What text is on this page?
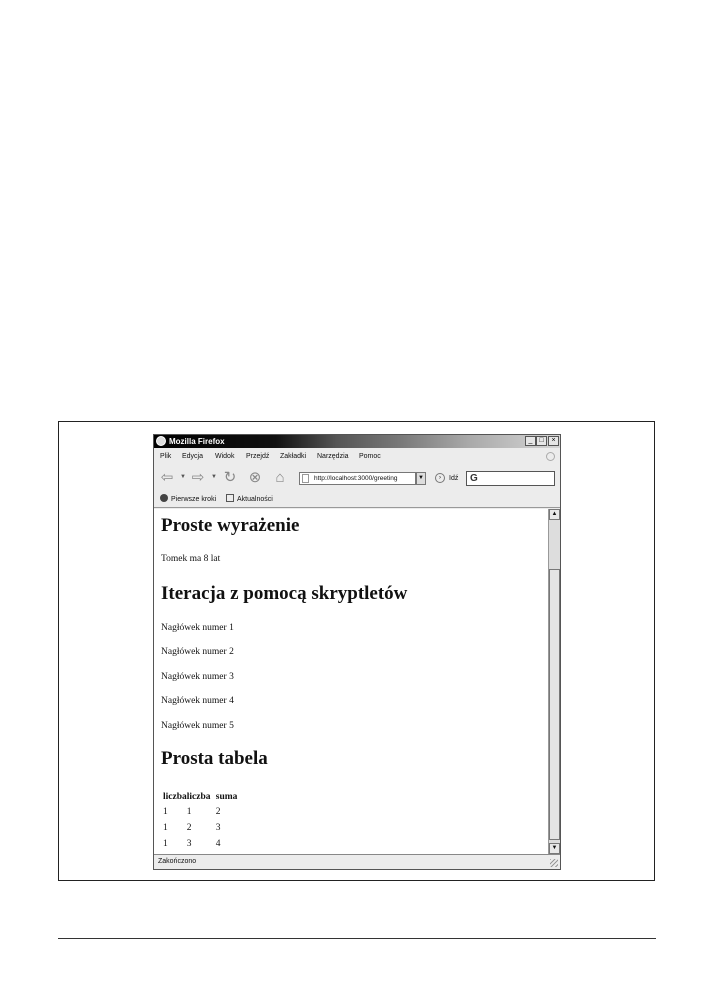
Mozilla Firefox	_ □	×
Plik Edycja Widok Przejdź Zakładki Narzędzia Pomoc
⇦ ▼ ⇨ ▼ ↻ ⊗ ⌂	http://localhost:3000/greeting	▼	›	Idź G
Pierwsze kroki	Aktualności
Proste wyrażenie
Tomek ma 8 lat
Iteracja z pomocą skryptletów
Nagłówek numer 1
Nagłówek numer 2
Nagłówek numer 3
Nagłówek numer 4
Nagłówek numer 5
Prosta tabela
liczba	liczba	suma
1	1	2
1	2	3
1	3	4
▲
▼
Zakończono
